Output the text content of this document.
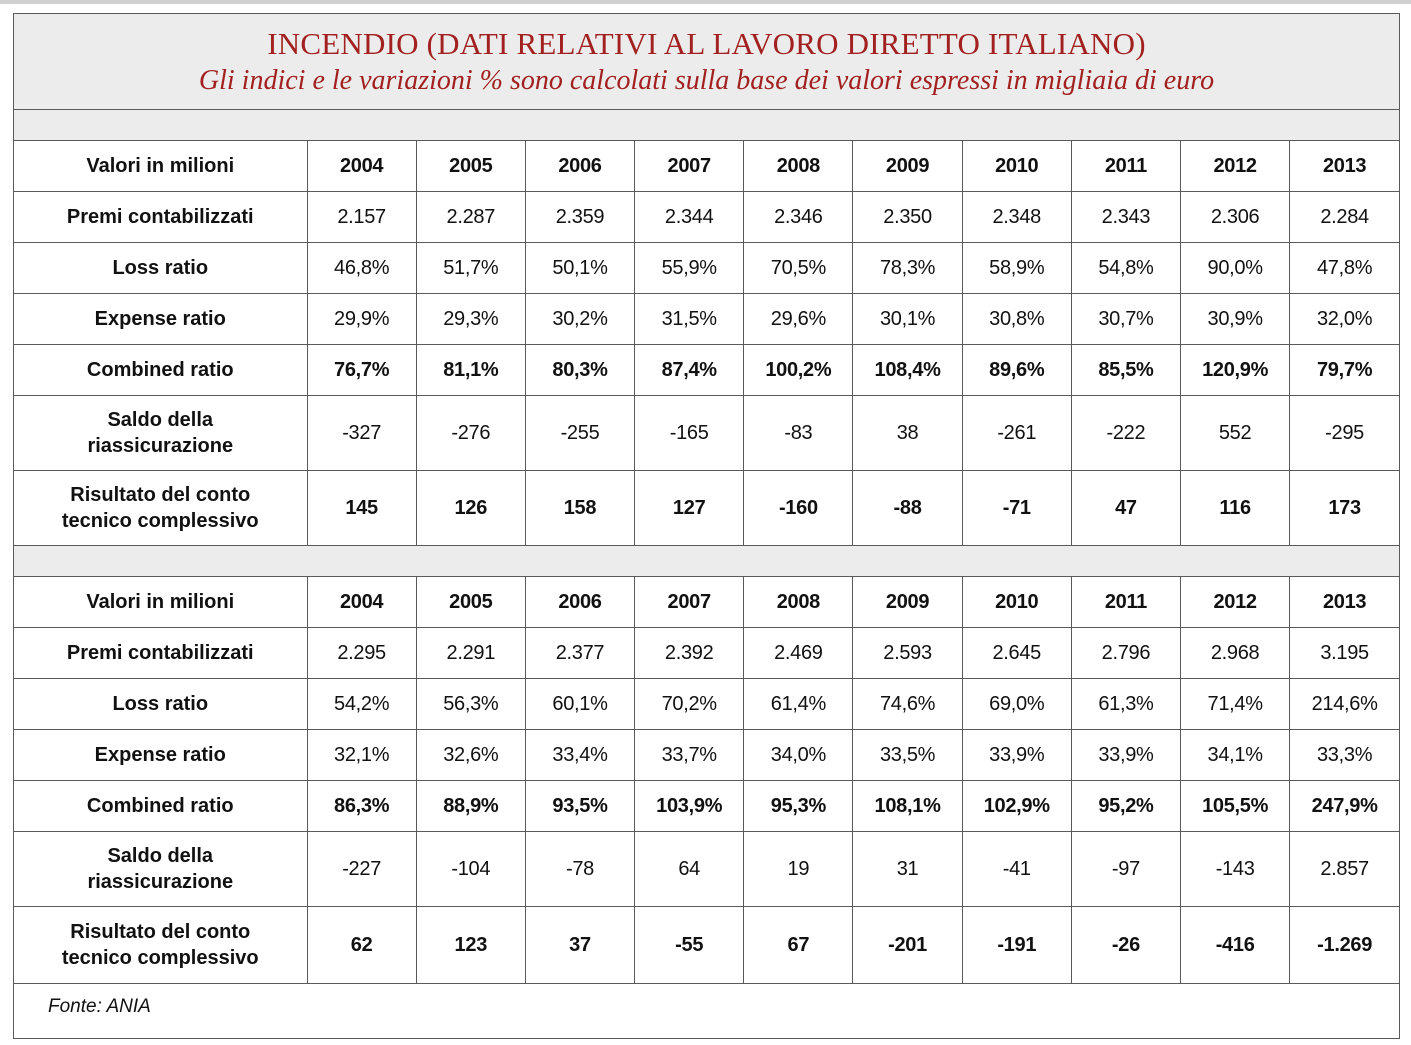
INCENDIO (DATI RELATIVI AL LAVORO DIRETTO ITALIANO)
Gli indici e le variazioni % sono calcolati sulla base dei valori espressi in migliaia di euro
Valori in milioni	2004	2005	2006	2007	2008	2009	2010	2011	2012	2013
Premi contabilizzati	2.157	2.287	2.359	2.344	2.346	2.350	2.348	2.343	2.306	2.284
Loss ratio	46,8%	51,7%	50,1%	55,9%	70,5%	78,3%	58,9%	54,8%	90,0%	47,8%
Expense ratio	29,9%	29,3%	30,2%	31,5%	29,6%	30,1%	30,8%	30,7%	30,9%	32,0%
Combined ratio	76,7%	81,1%	80,3%	87,4%	100,2%	108,4%	89,6%	85,5%	120,9%	79,7%

Saldo della
riassicurazione	-327	-276	-255	-165	-83	38	-261	-222	552	-295

Risultato del conto
tecnico complessivo	145	126	158	127	-160	-88	-71	47	116	173
Valori in milioni	2004	2005	2006	2007	2008	2009	2010	2011	2012	2013
Premi contabilizzati	2.295	2.291	2.377	2.392	2.469	2.593	2.645	2.796	2.968	3.195
Loss ratio	54,2%	56,3%	60,1%	70,2%	61,4%	74,6%	69,0%	61,3%	71,4%	214,6%
Expense ratio	32,1%	32,6%	33,4%	33,7%	34,0%	33,5%	33,9%	33,9%	34,1%	33,3%
Combined ratio	86,3%	88,9%	93,5%	103,9%	95,3%	108,1%	102,9%	95,2%	105,5%	247,9%

Saldo della
riassicurazione	-227	-104	-78	64	19	31	-41	-97	-143	2.857

Risultato del conto
tecnico complessivo	62	123	37	-55	67	-201	-191	-26	-416	-1.269
Fonte: ANIA
